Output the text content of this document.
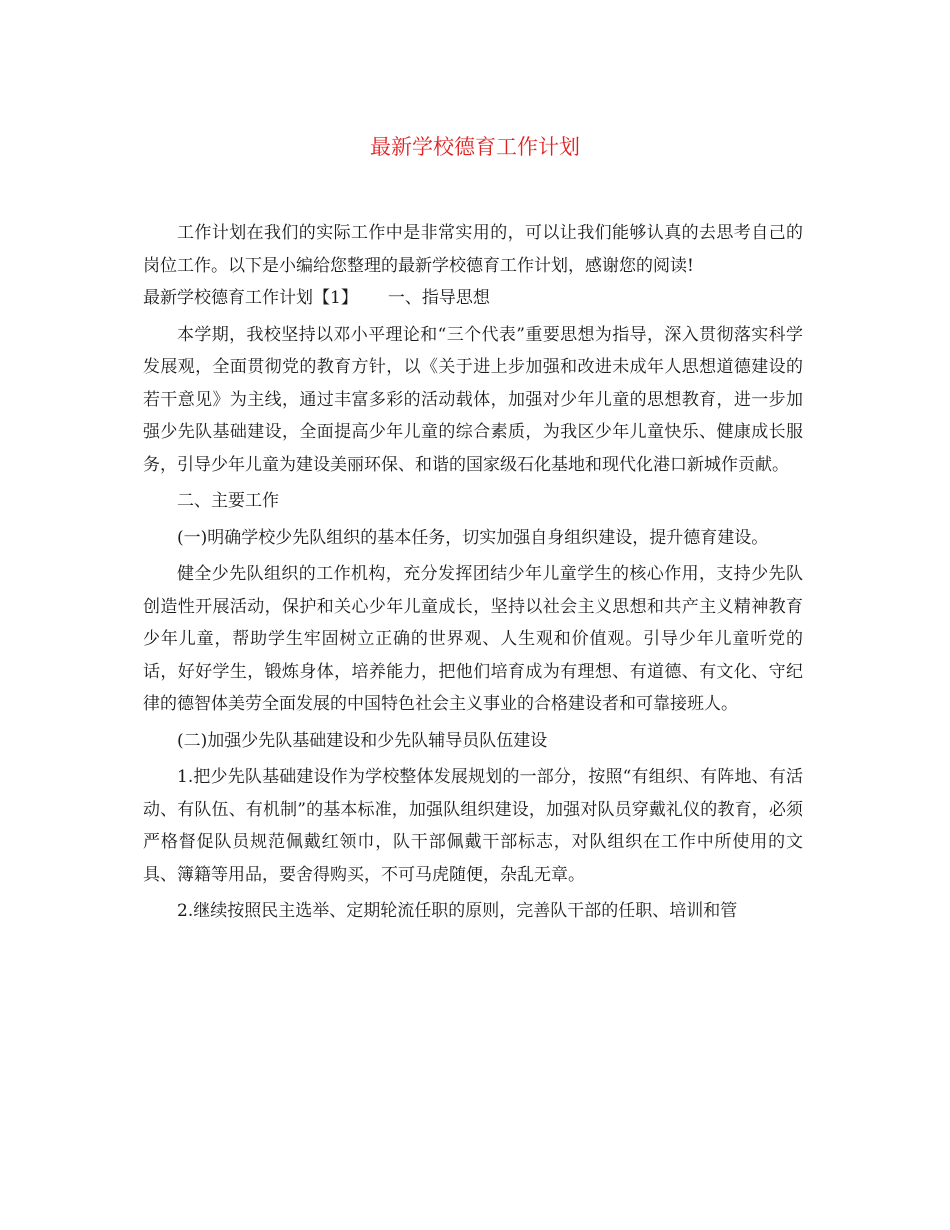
最新学校德育工作计划

工作计划在我们的实际工作中是非常实用的，可以让我们能够认真的去思考自己的岗位工作。以下是小编给您整理的最新学校德育工作计划，感谢您的阅读!

最新学校德育工作计划【1】 一、指导思想

本学期，我校坚持以邓小平理论和“三个代表”重要思想为指导，深入贯彻落实科学发展观，全面贯彻党的教育方针，以《关于进上步加强和改进未成年人思想道德建设的若干意见》为主线，通过丰富多彩的活动载体，加强对少年儿童的思想教育，进一步加强少先队基础建设，全面提高少年儿童的综合素质，为我区少年儿童快乐、健康成长服务，引导少年儿童为建设美丽环保、和谐的国家级石化基地和现代化港口新城作贡献。

二、主要工作

(一)明确学校少先队组织的基本任务，切实加强自身组织建设，提升德育建设。

健全少先队组织的工作机构，充分发挥团结少年儿童学生的核心作用，支持少先队创造性开展活动，保护和关心少年儿童成长，坚持以社会主义思想和共产主义精神教育少年儿童，帮助学生牢固树立正确的世界观、人生观和价值观。引导少年儿童听党的话，好好学生，锻炼身体，培养能力，把他们培育成为有理想、有道德、有文化、守纪律的德智体美劳全面发展的中国特色社会主义事业的合格建设者和可靠接班人。

(二)加强少先队基础建设和少先队辅导员队伍建设

1.把少先队基础建设作为学校整体发展规划的一部分，按照“有组织、有阵地、有活动、有队伍、有机制”的基本标准，加强队组织建设，加强对队员穿戴礼仪的教育，必须严格督促队员规范佩戴红领巾，队干部佩戴干部标志，对队组织在工作中所使用的文具、簿籍等用品，要舍得购买，不可马虎随便，杂乱无章。

2.继续按照民主选举、定期轮流任职的原则，完善队干部的任职、培训和管
